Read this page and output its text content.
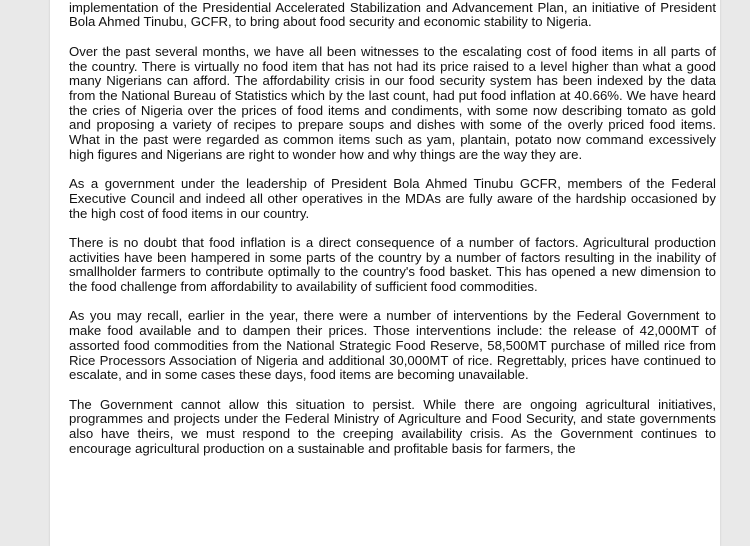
implementation of the Presidential Accelerated Stabilization and Advancement Plan, an initiative of President Bola Ahmed Tinubu, GCFR, to bring about food security and economic stability to Nigeria.

Over the past several months, we have all been witnesses to the escalating cost of food items in all parts of the country. There is virtually no food item that has not had its price raised to a level higher than what a good many Nigerians can afford. The affordability crisis in our food security system has been indexed by the data from the National Bureau of Statistics which by the last count, had put food inflation at 40.66%. We have heard the cries of Nigeria over the prices of food items and condiments, with some now describing tomato as gold and proposing a variety of recipes to prepare soups and dishes with some of the overly priced food items. What in the past were regarded as common items such as yam, plantain, potato now command excessively high figures and Nigerians are right to wonder how and why things are the way they are.

As a government under the leadership of President Bola Ahmed Tinubu GCFR, members of the Federal Executive Council and indeed all other operatives in the MDAs are fully aware of the hardship occasioned by the high cost of food items in our country.

There is no doubt that food inflation is a direct consequence of a number of factors. Agricultural production activities have been hampered in some parts of the country by a number of factors resulting in the inability of smallholder farmers to contribute optimally to the country's food basket. This has opened a new dimension to the food challenge from affordability to availability of sufficient food commodities.

As you may recall, earlier in the year, there were a number of interventions by the Federal Government to make food available and to dampen their prices. Those interventions include: the release of 42,000MT of assorted food commodities from the National Strategic Food Reserve, 58,500MT purchase of milled rice from Rice Processors Association of Nigeria and additional 30,000MT of rice. Regrettably, prices have continued to escalate, and in some cases these days, food items are becoming unavailable.

The Government cannot allow this situation to persist. While there are ongoing agricultural initiatives, programmes and projects under the Federal Ministry of Agriculture and Food Security, and state governments also have theirs, we must respond to the creeping availability crisis. As the Government continues to encourage agricultural production on a sustainable and profitable basis for farmers, the
